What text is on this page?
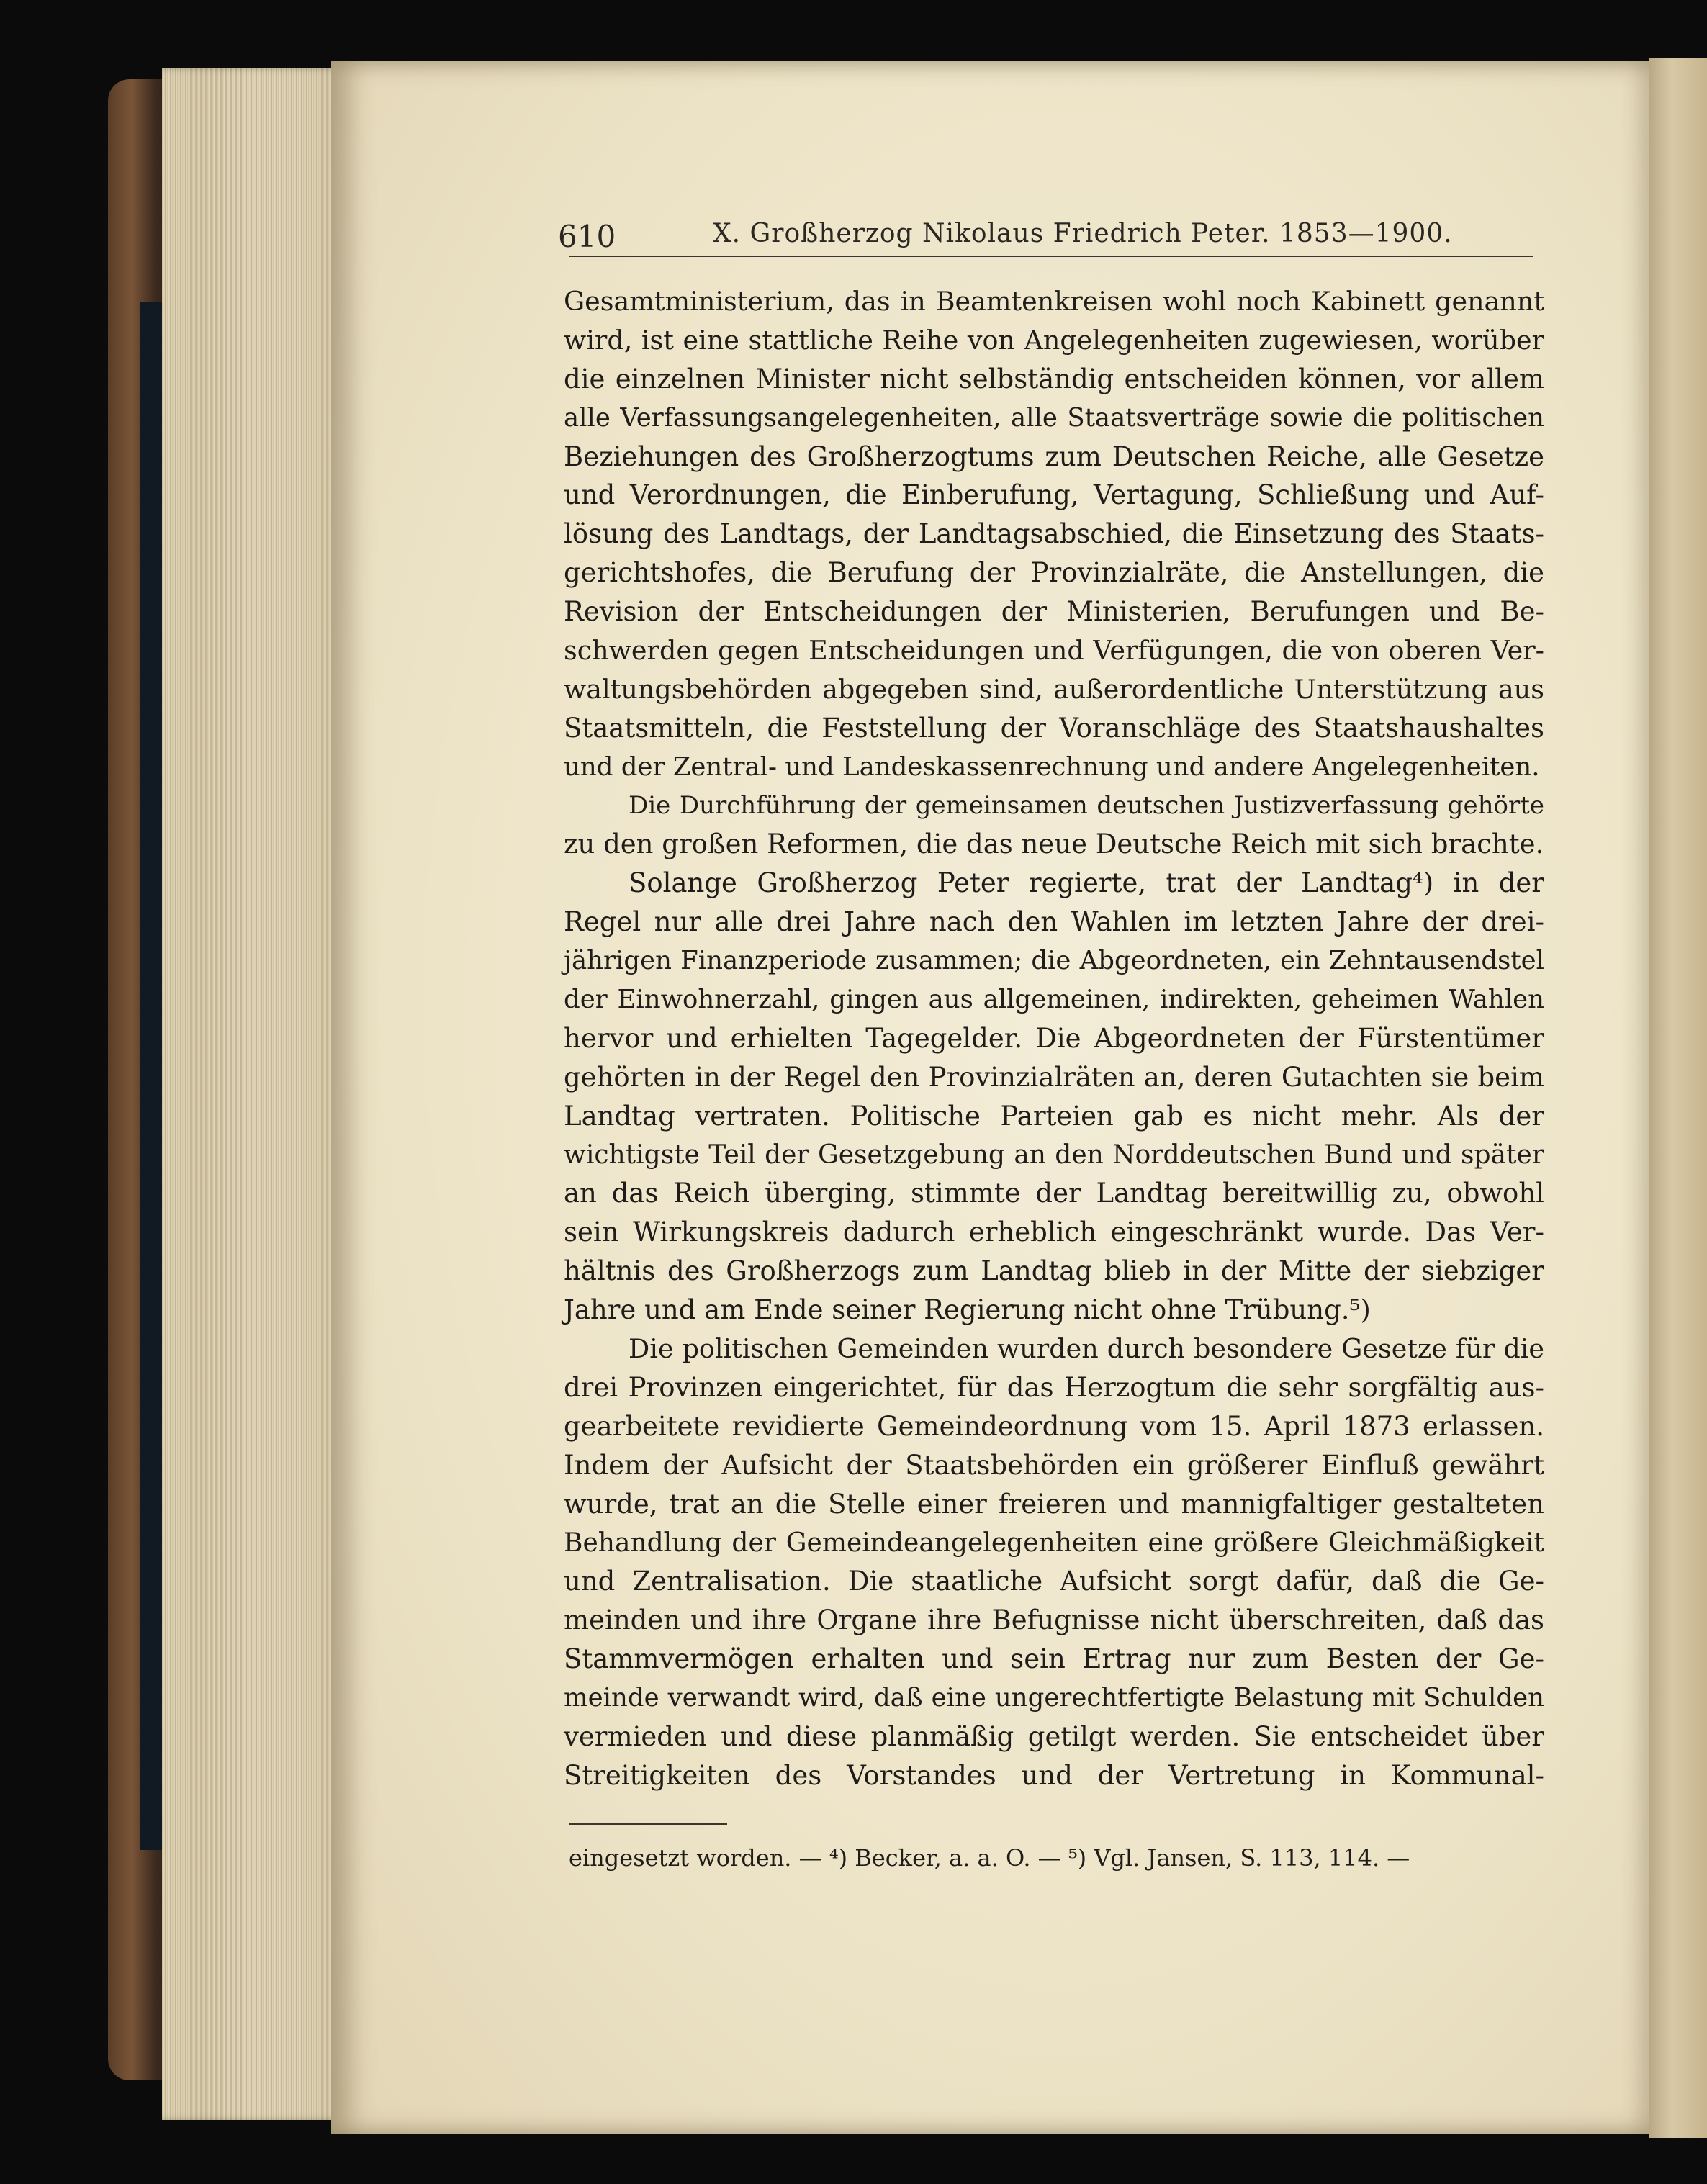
610	X. Großherzog Nikolaus Friedrich Peter. 1853—1900.
Gesamtministerium, das in Beamtenkreisen wohl noch Kabinett genannt
wird, ist eine stattliche Reihe von Angelegenheiten zugewiesen, worüber
die einzelnen Minister nicht selbständig entscheiden können, vor allem
alle Verfassungsangelegenheiten, alle Staatsverträge sowie die politischen
Beziehungen des Großherzogtums zum Deutschen Reiche, alle Gesetze
und Verordnungen, die Einberufung, Vertagung, Schließung und Auf-
lösung des Landtags, der Landtagsabschied, die Einsetzung des Staats-
gerichtshofes, die Berufung der Provinzialräte, die Anstellungen, die
Revision der Entscheidungen der Ministerien, Berufungen und Be-
schwerden gegen Entscheidungen und Verfügungen, die von oberen Ver-
waltungsbehörden abgegeben sind, außerordentliche Unterstützung aus
Staatsmitteln, die Feststellung der Voranschläge des Staatshaushaltes
und der Zentral- und Landeskassenrechnung und andere Angelegenheiten.
Die Durchführung der gemeinsamen deutschen Justizverfassung gehörte
zu den großen Reformen, die das neue Deutsche Reich mit sich brachte.
Solange Großherzog Peter regierte, trat der Landtag⁴) in der
Regel nur alle drei Jahre nach den Wahlen im letzten Jahre der drei-
jährigen Finanzperiode zusammen; die Abgeordneten, ein Zehntausendstel
der Einwohnerzahl, gingen aus allgemeinen, indirekten, geheimen Wahlen
hervor und erhielten Tagegelder. Die Abgeordneten der Fürstentümer
gehörten in der Regel den Provinzialräten an, deren Gutachten sie beim
Landtag vertraten. Politische Parteien gab es nicht mehr. Als der
wichtigste Teil der Gesetzgebung an den Norddeutschen Bund und später
an das Reich überging, stimmte der Landtag bereitwillig zu, obwohl
sein Wirkungskreis dadurch erheblich eingeschränkt wurde. Das Ver-
hältnis des Großherzogs zum Landtag blieb in der Mitte der siebziger
Jahre und am Ende seiner Regierung nicht ohne Trübung.⁵)
Die politischen Gemeinden wurden durch besondere Gesetze für die
drei Provinzen eingerichtet, für das Herzogtum die sehr sorgfältig aus-
gearbeitete revidierte Gemeindeordnung vom 15. April 1873 erlassen.
Indem der Aufsicht der Staatsbehörden ein größerer Einfluß gewährt
wurde, trat an die Stelle einer freieren und mannigfaltiger gestalteten
Behandlung der Gemeindeangelegenheiten eine größere Gleichmäßigkeit
und Zentralisation. Die staatliche Aufsicht sorgt dafür, daß die Ge-
meinden und ihre Organe ihre Befugnisse nicht überschreiten, daß das
Stammvermögen erhalten und sein Ertrag nur zum Besten der Ge-
meinde verwandt wird, daß eine ungerechtfertigte Belastung mit Schulden
vermieden und diese planmäßig getilgt werden. Sie entscheidet über
Streitigkeiten des Vorstandes und der Vertretung in Kommunal-
eingesetzt worden. — ⁴) Becker, a. a. O. — ⁵) Vgl. Jansen, S. 113, 114. —
